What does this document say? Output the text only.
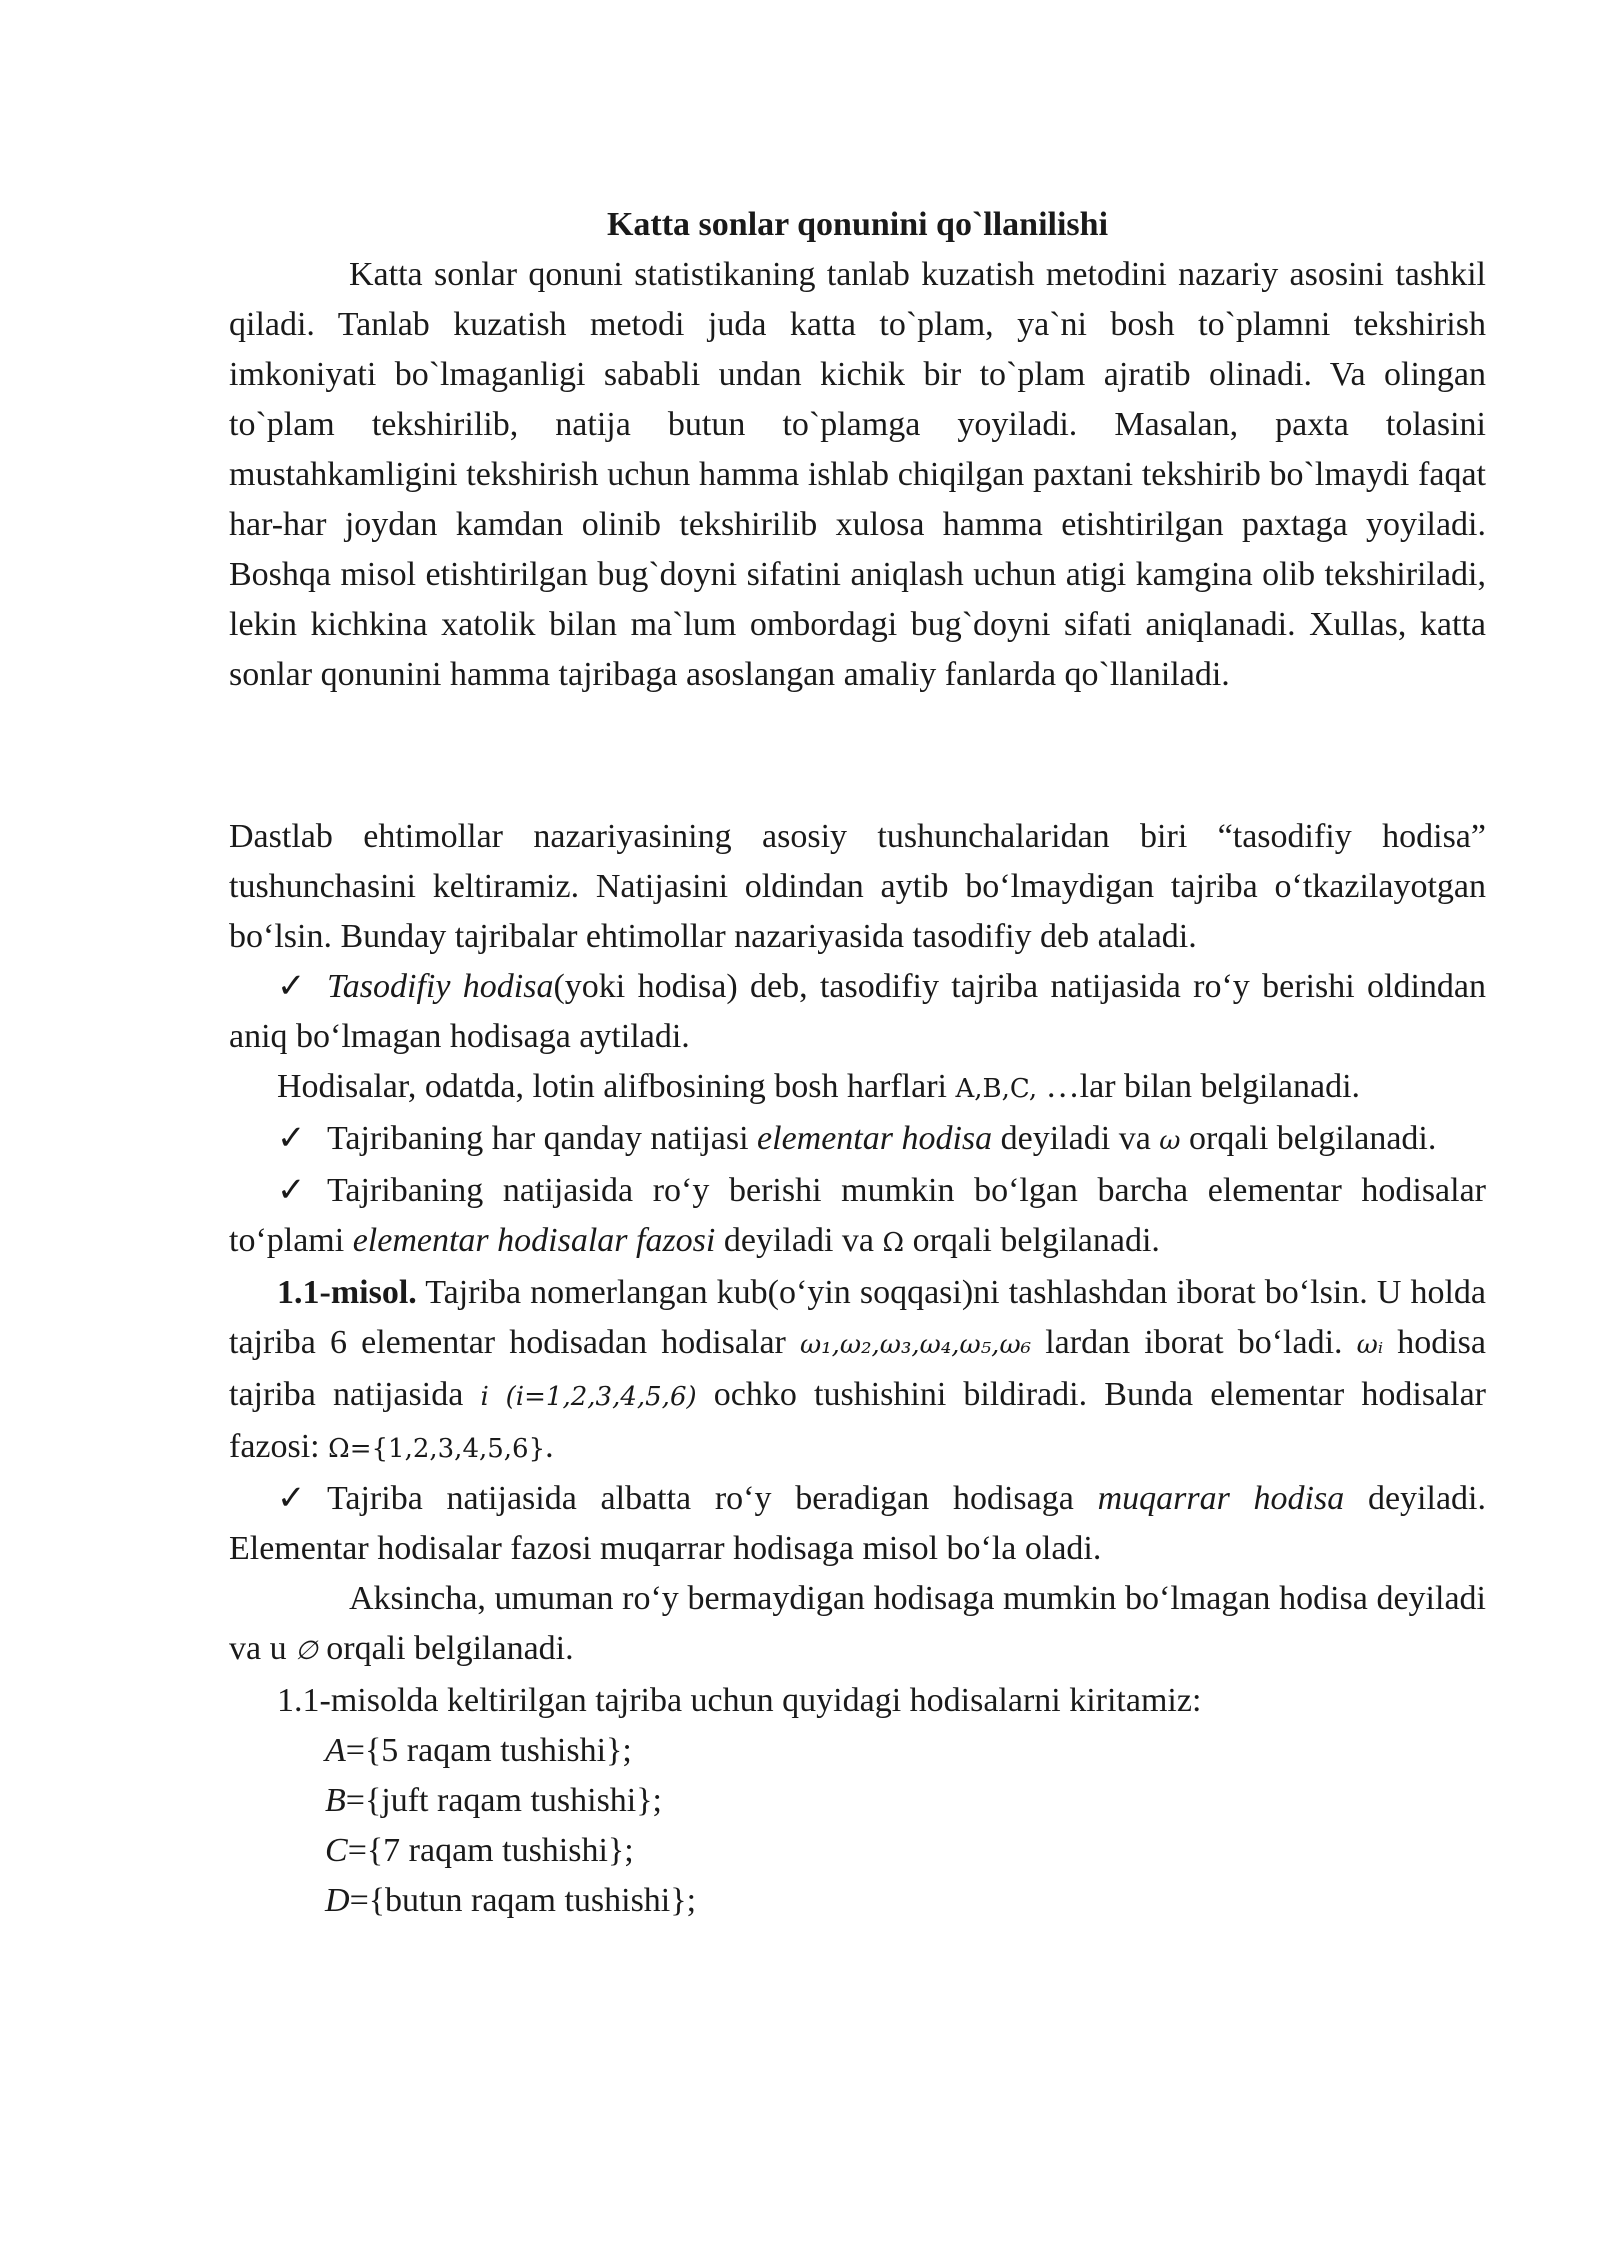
Katta sonlar qonunini qo`llanilishi

Katta sonlar qonuni statistikaning tanlab kuzatish metodini nazariy asosini tashkil qiladi. Tanlab kuzatish metodi juda katta to`plam, ya`ni bosh to`plamni tekshirish imkoniyati bo`lmaganligi sababli undan kichik bir to`plam ajratib olinadi. Va olingan to`plam tekshirilib, natija butun to`plamga yoyiladi. Masalan, paxta tolasini mustahkamligini tekshirish uchun hamma ishlab chiqilgan paxtani tekshirib bo`lmaydi faqat har-har joydan kamdan olinib tekshirilib xulosa hamma etishtirilgan paxtaga yoyiladi. Boshqa misol etishtirilgan bug`doyni sifatini aniqlash uchun atigi kamgina olib tekshiriladi, lekin kichkina xatolik bilan ma`lum ombordagi bug`doyni sifati aniqlanadi. Xullas, katta sonlar qonunini hamma tajribaga asoslangan amaliy fanlarda qo`llaniladi.

Dastlab ehtimollar nazariyasining asosiy tushunchalaridan biri “tasodifiy hodisa” tushunchasini keltiramiz. Natijasini oldindan aytib bo‘lmaydigan tajriba o‘tkazilayotgan bo‘lsin. Bunday tajribalar ehtimollar nazariyasida tasodifiy deb ataladi.

✓ Tasodifiy hodisa(yoki hodisa) deb, tasodifiy tajriba natijasida ro‘y berishi oldindan aniq bo‘lmagan hodisaga aytiladi.

Hodisalar, odatda, lotin alifbosining bosh harflari A,B,C, …lar bilan belgilanadi.

✓ Tajribaning har qanday natijasi elementar hodisa deyiladi va ω orqali belgilanadi.

✓ Tajribaning natijasida ro‘y berishi mumkin bo‘lgan barcha elementar hodisalar to‘plami elementar hodisalar fazosi deyiladi va Ω orqali belgilanadi.

1.1-misol. Tajriba nomerlangan kub(o‘yin soqqasi)ni tashlashdan iborat bo‘lsin. U holda tajriba 6 elementar hodisadan hodisalar ω₁,ω₂,ω₃,ω₄,ω₅,ω₆ lardan iborat bo‘ladi. ωᵢ hodisa tajriba natijasida i (i=1,2,3,4,5,6) ochko tushishini bildiradi. Bunda elementar hodisalar fazosi: Ω={1,2,3,4,5,6}.

✓ Tajriba natijasida albatta ro‘y beradigan hodisaga muqarrar hodisa deyiladi. Elementar hodisalar fazosi muqarrar hodisaga misol bo‘la oladi.

Aksincha, umuman ro‘y bermaydigan hodisaga mumkin bo‘lmagan hodisa deyiladi va u ∅ orqali belgilanadi.

1.1-misolda keltirilgan tajriba uchun quyidagi hodisalarni kiritamiz:

A={5 raqam tushishi};
B={juft raqam tushishi};
C={7 raqam tushishi};
D={butun raqam tushishi};
